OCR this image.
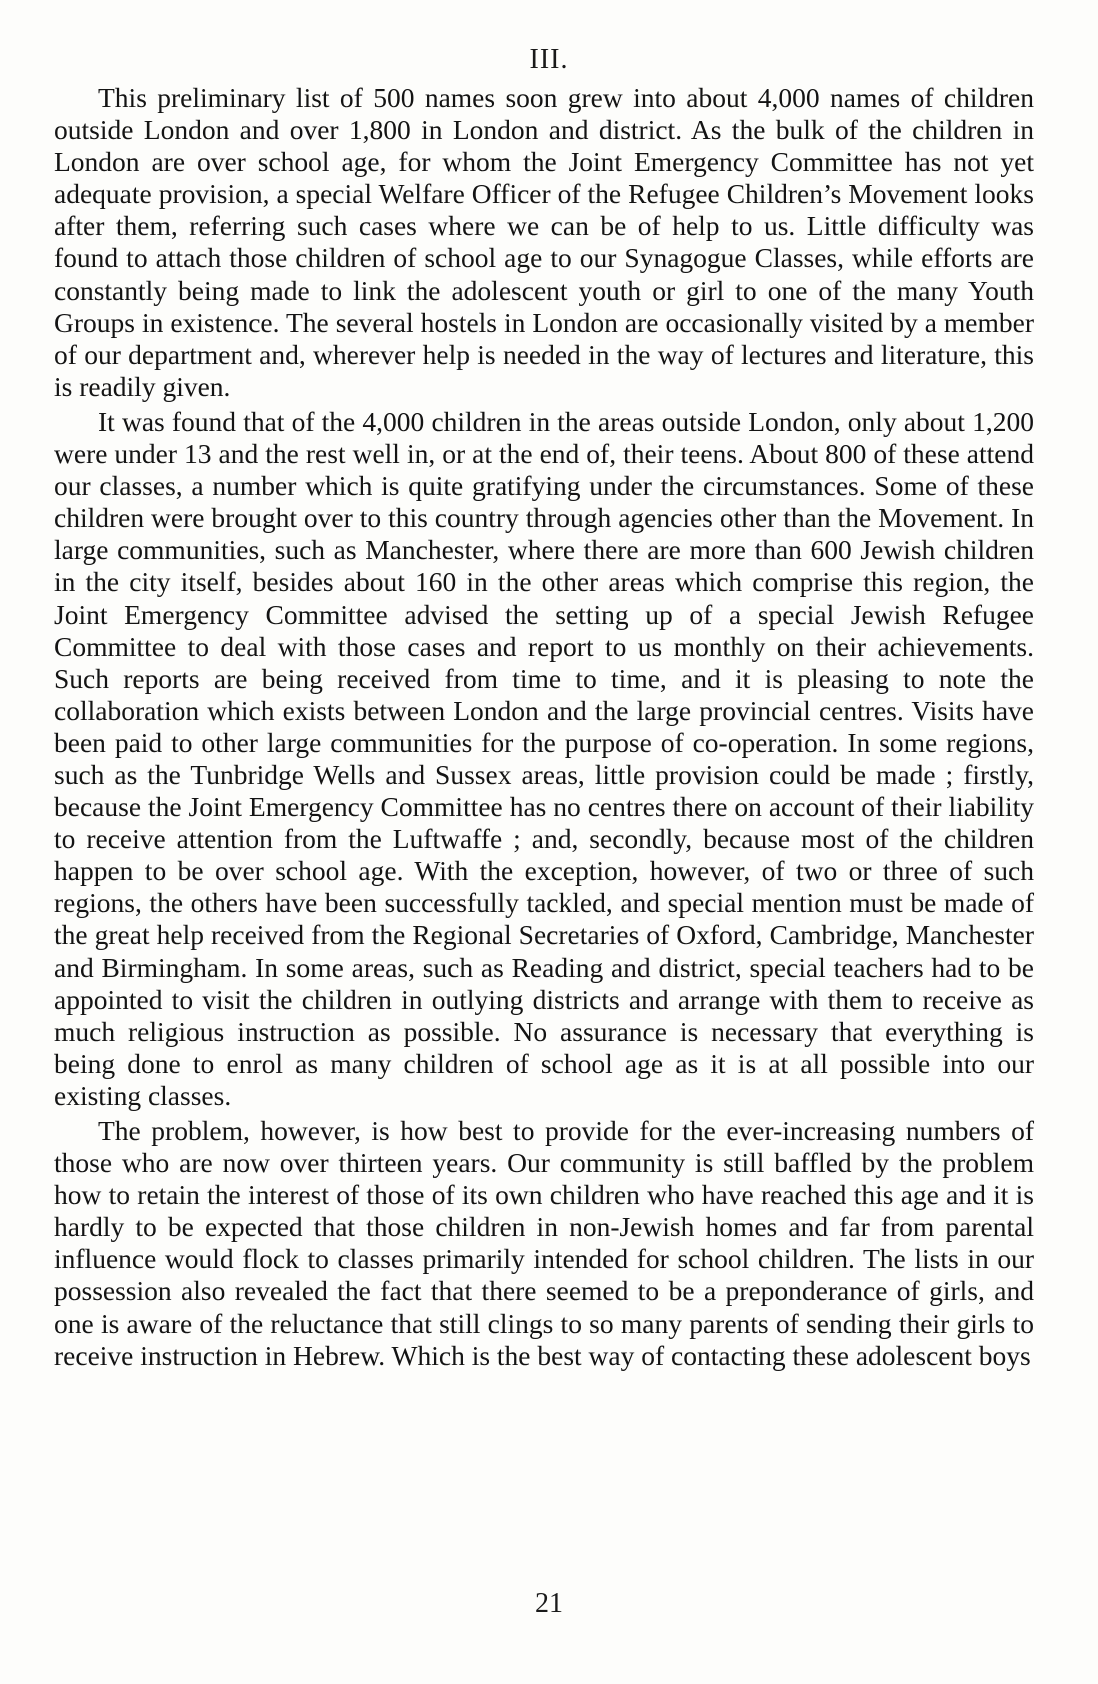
III.

This preliminary list of 500 names soon grew into about 4,000 names of children outside London and over 1,800 in London and district. As the bulk of the children in London are over school age, for whom the Joint Emergency Committee has not yet adequate provision, a special Welfare Officer of the Refugee Children’s Movement looks after them, referring such cases where we can be of help to us. Little difficulty was found to attach those children of school age to our Synagogue Classes, while efforts are constantly being made to link the adolescent youth or girl to one of the many Youth Groups in existence. The several hostels in London are occasionally visited by a member of our department and, wherever help is needed in the way of lectures and literature, this is readily given.

It was found that of the 4,000 children in the areas outside London, only about 1,200 were under 13 and the rest well in, or at the end of, their teens. About 800 of these attend our classes, a number which is quite gratifying under the circumstances. Some of these children were brought over to this country through agencies other than the Movement. In large communities, such as Manchester, where there are more than 600 Jewish children in the city itself, besides about 160 in the other areas which comprise this region, the Joint Emergency Committee advised the setting up of a special Jewish Refugee Committee to deal with those cases and report to us monthly on their achievements. Such reports are being received from time to time, and it is pleasing to note the collaboration which exists between London and the large provincial centres. Visits have been paid to other large communities for the purpose of co-operation. In some regions, such as the Tunbridge Wells and Sussex areas, little provision could be made ; firstly, because the Joint Emergency Committee has no centres there on account of their liability to receive attention from the Luftwaffe ; and, secondly, because most of the children happen to be over school age. With the exception, however, of two or three of such regions, the others have been successfully tackled, and special mention must be made of the great help received from the Regional Secretaries of Oxford, Cambridge, Manchester and Birmingham. In some areas, such as Reading and district, special teachers had to be appointed to visit the children in outlying districts and arrange with them to receive as much religious instruction as possible. No assurance is necessary that everything is being done to enrol as many children of school age as it is at all possible into our existing classes.

The problem, however, is how best to provide for the ever-increasing numbers of those who are now over thirteen years. Our community is still baffled by the problem how to retain the interest of those of its own children who have reached this age and it is hardly to be expected that those children in non-Jewish homes and far from parental influence would flock to classes primarily intended for school children. The lists in our possession also revealed the fact that there seemed to be a preponderance of girls, and one is aware of the reluctance that still clings to so many parents of sending their girls to receive instruction in Hebrew. Which is the best way of contacting these adolescent boys

21
